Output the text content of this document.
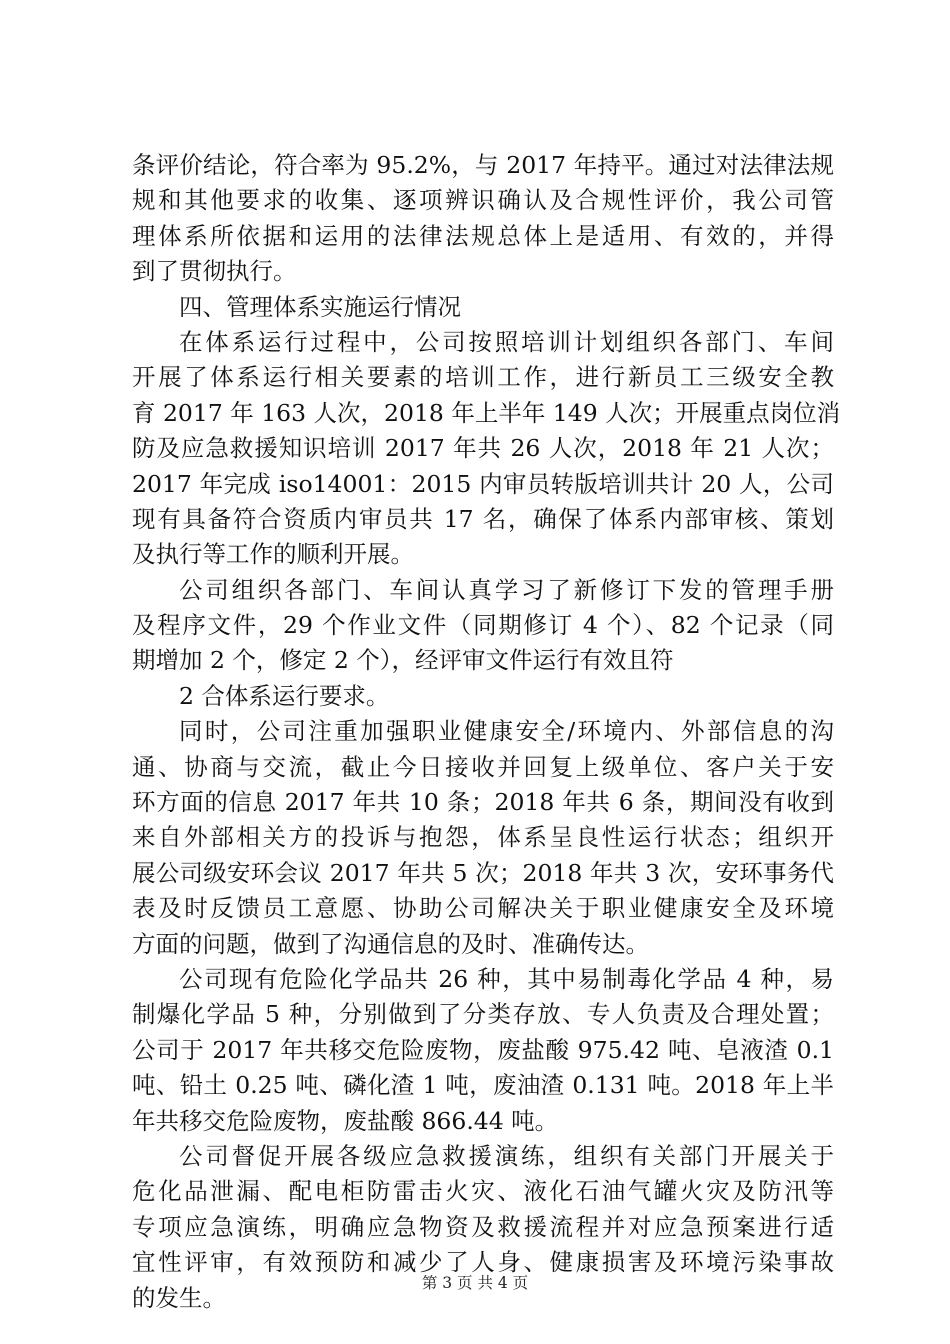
条评价结论，符合率为 95.2%，与 2017 年持平。通过对法律法规
规和其他要求的收集、逐项辨识确认及合规性评价，我公司管
理体系所依据和运用的法律法规总体上是适用、有效的，并得
到了贯彻执行。
四、管理体系实施运行情况
在体系运行过程中，公司按照培训计划组织各部门、车间
开展了体系运行相关要素的培训工作，进行新员工三级安全教
育 2017 年 163 人次，2018 年上半年 149 人次；开展重点岗位消
防及应急救援知识培训 2017 年共 26 人次，2018 年 21 人次；
2017 年完成 iso14001：2015 内审员转版培训共计 20 人，公司
现有具备符合资质内审员共 17 名，确保了体系内部审核、策划
及执行等工作的顺利开展。
公司组织各部门、车间认真学习了新修订下发的管理手册
及程序文件，29 个作业文件（同期修订 4 个）、82 个记录（同
期增加 2 个，修定 2 个），经评审文件运行有效且符
2 合体系运行要求。
同时，公司注重加强职业健康安全/环境内、外部信息的沟
通、协商与交流，截止今日接收并回复上级单位、客户关于安
环方面的信息 2017 年共 10 条；2018 年共 6 条，期间没有收到
来自外部相关方的投诉与抱怨，体系呈良性运行状态；组织开
展公司级安环会议 2017 年共 5 次；2018 年共 3 次，安环事务代
表及时反馈员工意愿、协助公司解决关于职业健康安全及环境
方面的问题，做到了沟通信息的及时、准确传达。
公司现有危险化学品共 26 种，其中易制毒化学品 4 种，易
制爆化学品 5 种，分别做到了分类存放、专人负责及合理处置；
公司于 2017 年共移交危险废物，废盐酸 975.42 吨、皂液渣 0.1
吨、铅土 0.25 吨、磷化渣 1 吨，废油渣 0.131 吨。2018 年上半
年共移交危险废物，废盐酸 866.44 吨。
公司督促开展各级应急救援演练，组织有关部门开展关于
危化品泄漏、配电柜防雷击火灾、液化石油气罐火灾及防汛等
专项应急演练，明确应急物资及救援流程并对应急预案进行适
宜性评审，有效预防和减少了人身、健康损害及环境污染事故
的发生。
第 3 页 共 4 页
